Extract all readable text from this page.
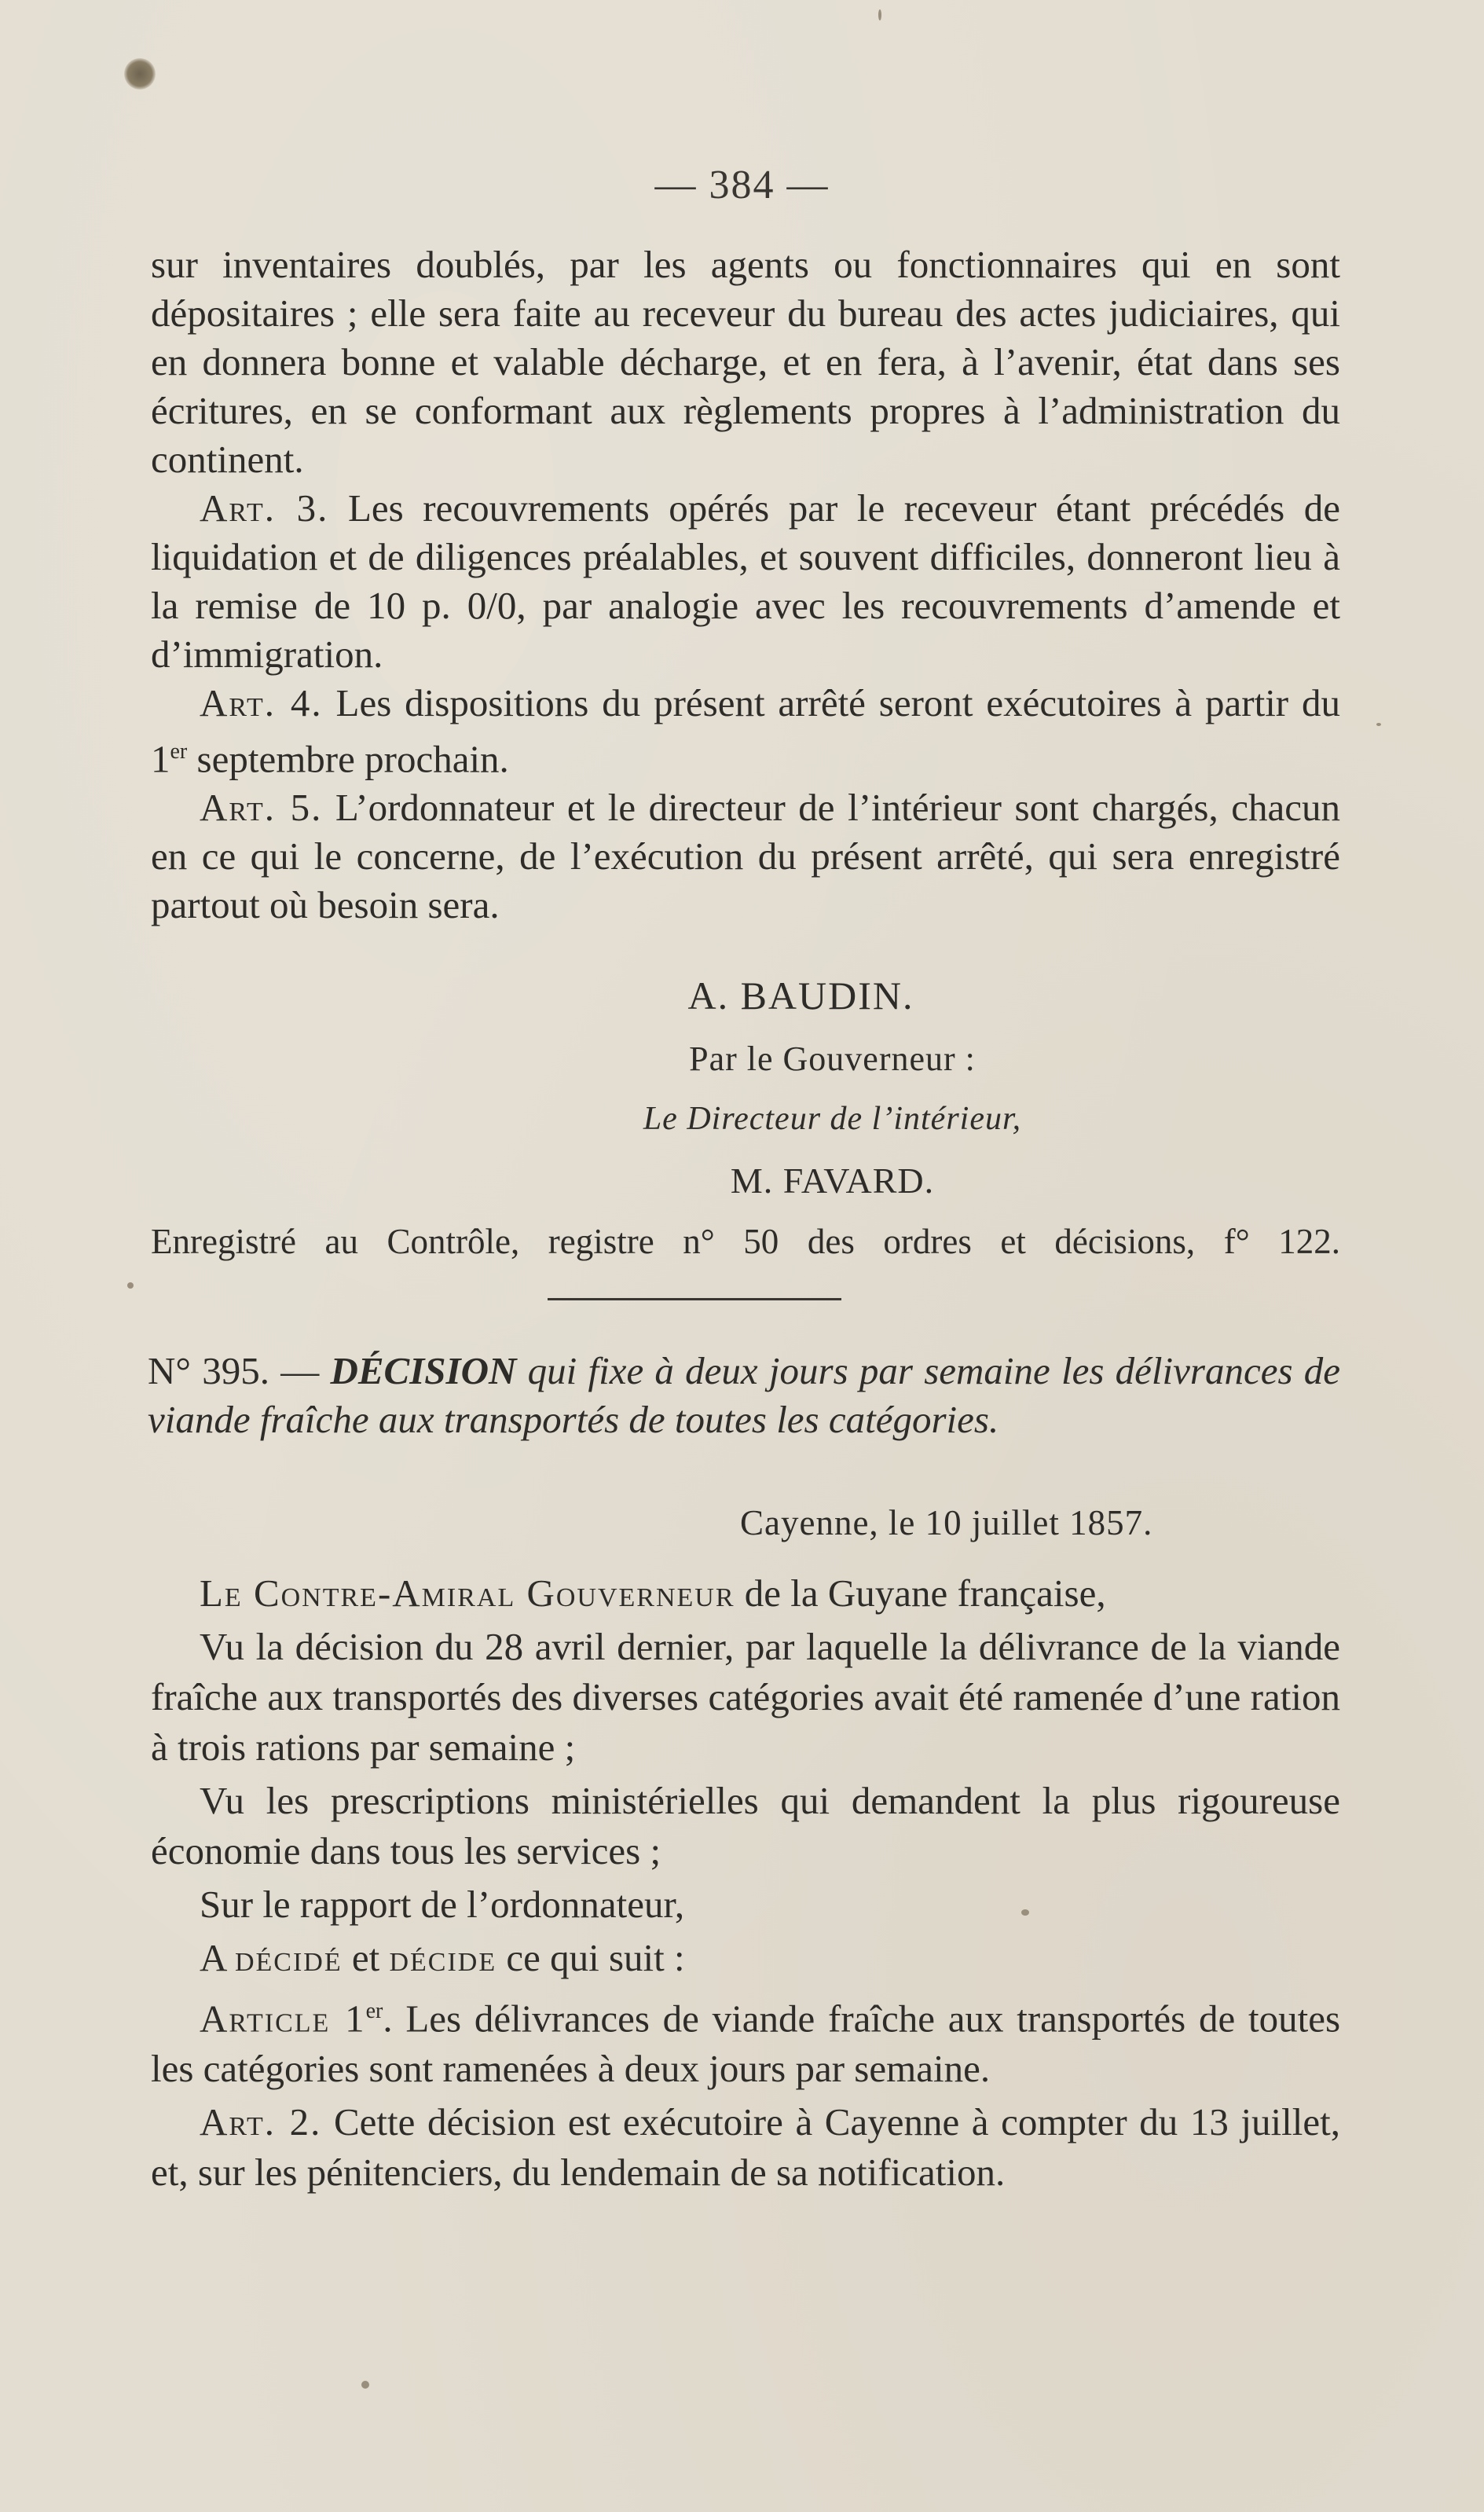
— 384 —

sur inventaires doublés, par les agents ou fonctionnaires qui en sont dépositaires ; elle sera faite au receveur du bureau des actes judiciaires, qui en donnera bonne et valable décharge, et en fera, à l’avenir, état dans ses écritures, en se conformant aux règlements propres à l’administration du continent.

Art. 3. Les recouvrements opérés par le receveur étant précédés de liquidation et de diligences préalables, et souvent difficiles, donneront lieu à la remise de 10 p. 0/0, par analogie avec les recouvrements d’amende et d’immigration.

Art. 4. Les dispositions du présent arrêté seront exécutoires à partir du 1er septembre prochain.

Art. 5. L’ordonnateur et le directeur de l’intérieur sont chargés, chacun en ce qui le concerne, de l’exécution du présent arrêté, qui sera enregistré partout où besoin sera.

A. BAUDIN.
Par le Gouverneur :
Le Directeur de l’intérieur,
M. FAVARD.
Enregistré au Contrôle, registre n° 50 des ordres et décisions, f° 122.
N° 395. — DÉCISION qui fixe à deux jours par semaine les délivrances de viande fraîche aux transportés de toutes les catégories.
Cayenne, le 10 juillet 1857.

Le Contre-Amiral Gouverneur de la Guyane française,

Vu la décision du 28 avril dernier, par laquelle la délivrance de la viande fraîche aux transportés des diverses catégories avait été ramenée d’une ration à trois rations par semaine ;

Vu les prescriptions ministérielles qui demandent la plus rigoureuse économie dans tous les services ;

Sur le rapport de l’ordonnateur,

A décidé et décide ce qui suit :

Article 1er. Les délivrances de viande fraîche aux transportés de toutes les catégories sont ramenées à deux jours par semaine.

Art. 2. Cette décision est exécutoire à Cayenne à compter du 13 juillet, et, sur les pénitenciers, du lendemain de sa notification.
